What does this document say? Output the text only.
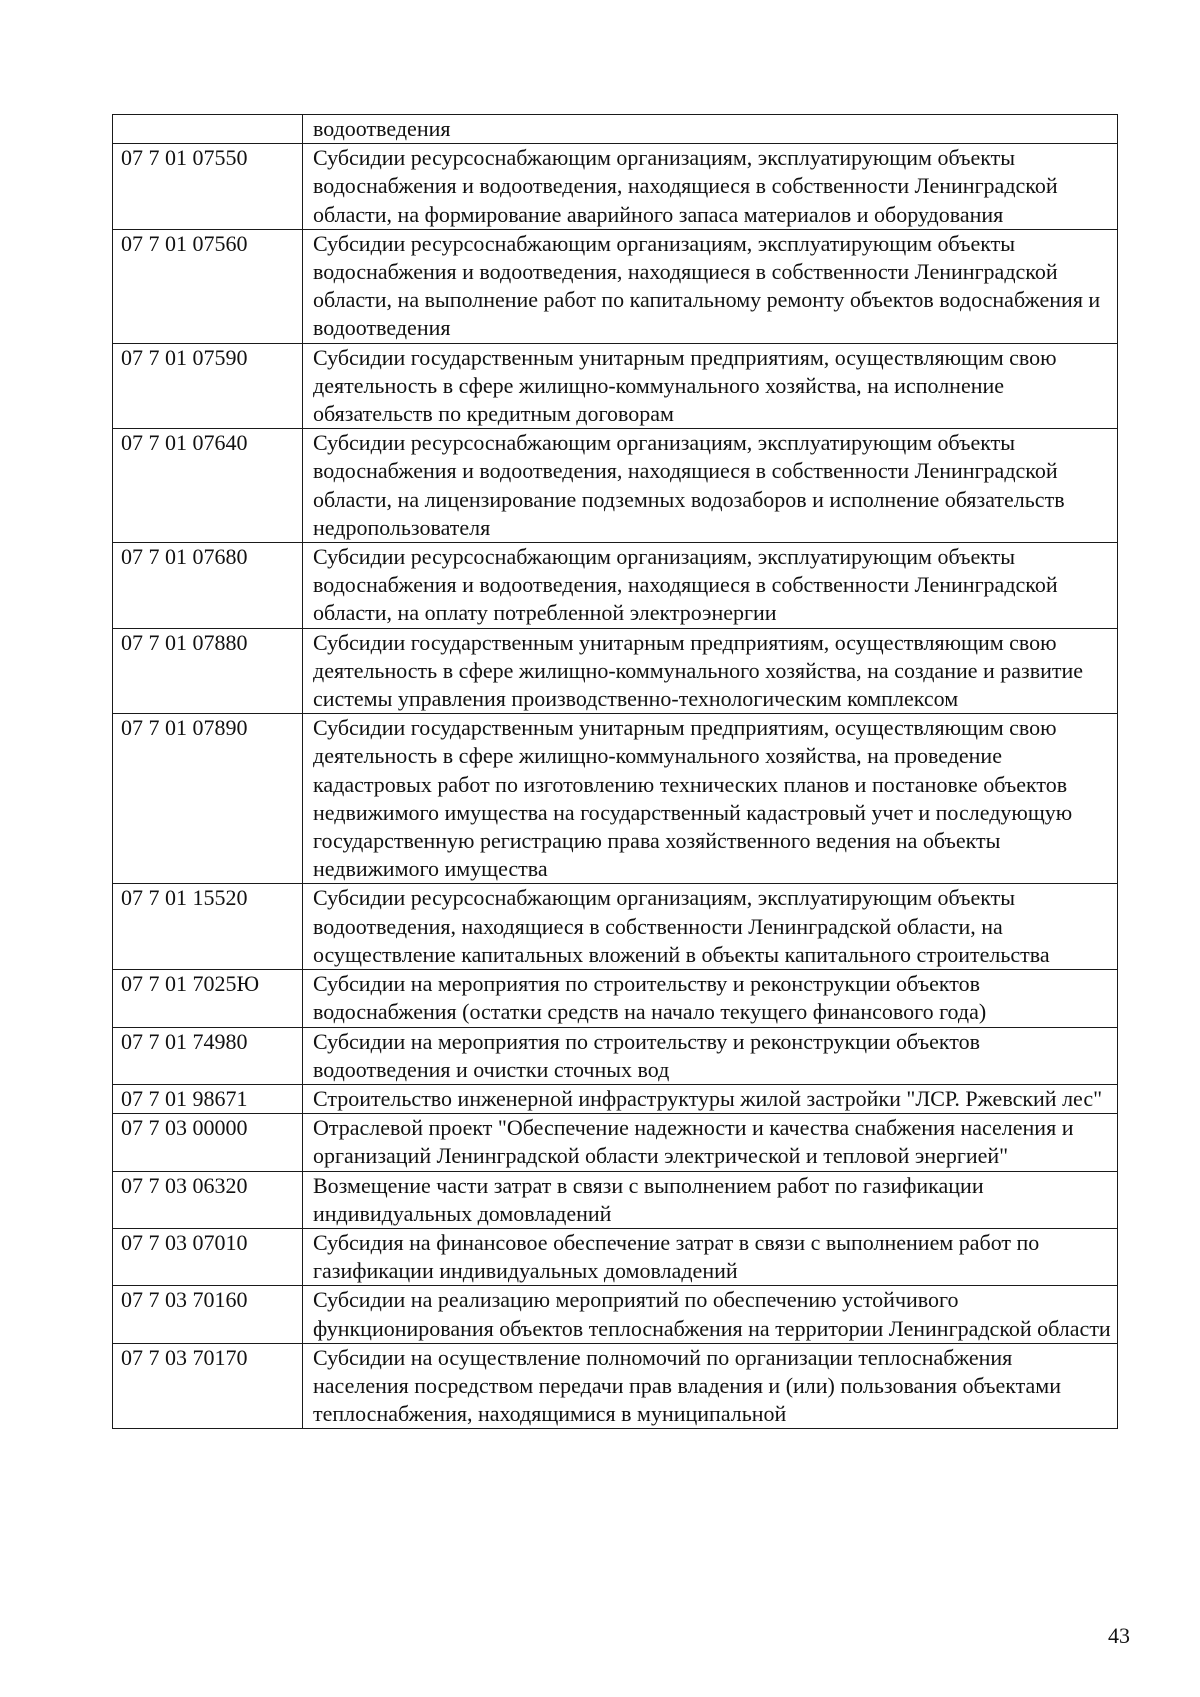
	водоотведения
07 7 01 07550	Субсидии ресурсоснабжающим организациям, эксплуатирующим объекты водоснабжения и водоотведения, находящиеся в собственности Ленинградской области, на формирование аварийного запаса материалов и оборудования
07 7 01 07560	Субсидии ресурсоснабжающим организациям, эксплуатирующим объекты водоснабжения и водоотведения, находящиеся в собственности Ленинградской области, на выполнение работ по капитальному ремонту объектов водоснабжения и водоотведения
07 7 01 07590	Субсидии государственным унитарным предприятиям, осуществляющим свою деятельность в сфере жилищно-коммунального хозяйства, на исполнение обязательств по кредитным договорам
07 7 01 07640	Субсидии ресурсоснабжающим организациям, эксплуатирующим объекты водоснабжения и водоотведения, находящиеся в собственности Ленинградской области, на лицензирование подземных водозаборов и исполнение обязательств недропользователя
07 7 01 07680	Субсидии ресурсоснабжающим организациям, эксплуатирующим объекты водоснабжения и водоотведения, находящиеся в собственности Ленинградской области, на оплату потребленной электроэнергии
07 7 01 07880	Субсидии государственным унитарным предприятиям, осуществляющим свою деятельность в сфере жилищно-коммунального хозяйства, на создание и развитие системы управления производственно-технологическим комплексом
07 7 01 07890	Субсидии государственным унитарным предприятиям, осуществляющим свою деятельность в сфере жилищно-коммунального хозяйства, на проведение кадастровых работ по изготовлению технических планов и постановке объектов недвижимого имущества на государственный кадастровый учет и последующую государственную регистрацию права хозяйственного ведения на объекты недвижимого имущества
07 7 01 15520	Субсидии ресурсоснабжающим организациям, эксплуатирующим объекты водоотведения, находящиеся в собственности Ленинградской области, на осуществление капитальных вложений в объекты капитального строительства
07 7 01 7025Ю	Субсидии на мероприятия по строительству и реконструкции объектов водоснабжения (остатки средств на начало текущего финансового года)
07 7 01 74980	Субсидии на мероприятия по строительству и реконструкции объектов водоотведения и очистки сточных вод
07 7 01 98671	Строительство инженерной инфраструктуры жилой застройки "ЛСР. Ржевский лес"
07 7 03 00000	Отраслевой проект "Обеспечение надежности и качества снабжения населения и организаций Ленинградской области электрической и тепловой энергией"
07 7 03 06320	Возмещение части затрат в связи с выполнением работ по газификации индивидуальных домовладений
07 7 03 07010	Субсидия на финансовое обеспечение затрат в связи с выполнением работ по газификации индивидуальных домовладений
07 7 03 70160	Субсидии на реализацию мероприятий по обеспечению устойчивого функционирования объектов теплоснабжения на территории Ленинградской области
07 7 03 70170	Субсидии на осуществление полномочий по организации теплоснабжения населения посредством передачи прав владения и (или) пользования объектами теплоснабжения, находящимися в муниципальной
43
